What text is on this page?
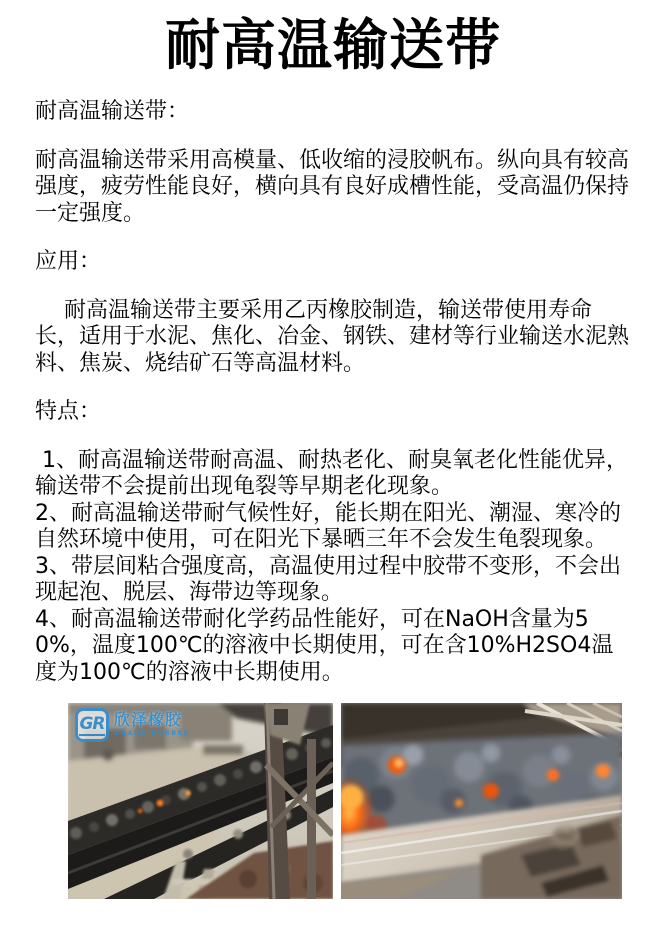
耐高温输送带

耐高温输送带：

耐高温输送带采用高模量、低收缩的浸胶帆布。纵向具有较高强度，疲劳性能良好，横向具有良好成槽性能，受高温仍保持一定强度。

应用：

　 耐高温输送带主要采用乙丙橡胶制造，输送带使用寿命长，适用于水泥、焦化、冶金、钢铁、建材等行业输送水泥熟料、焦炭、烧结矿石等高温材料。

特点：

1、耐高温输送带耐高温、耐热老化、耐臭氧老化性能优异，输送带不会提前出现龟裂等早期老化现象。

2、耐高温输送带耐气候性好，能长期在阳光、潮湿、寒冷的自然环境中使用，可在阳光下暴晒三年不会发生龟裂现象。

3、带层间粘合强度高，高温使用过程中胶带不变形，不会出现起泡、脱层、海带边等现象。

4、耐高温输送带耐化学药品性能好，可在NaOH含量为50%，温度100℃的溶液中长期使用，可在含10%H2SO4温度为100℃的溶液中长期使用。

GR 欣泽橡胶
GRAND RUBBER
